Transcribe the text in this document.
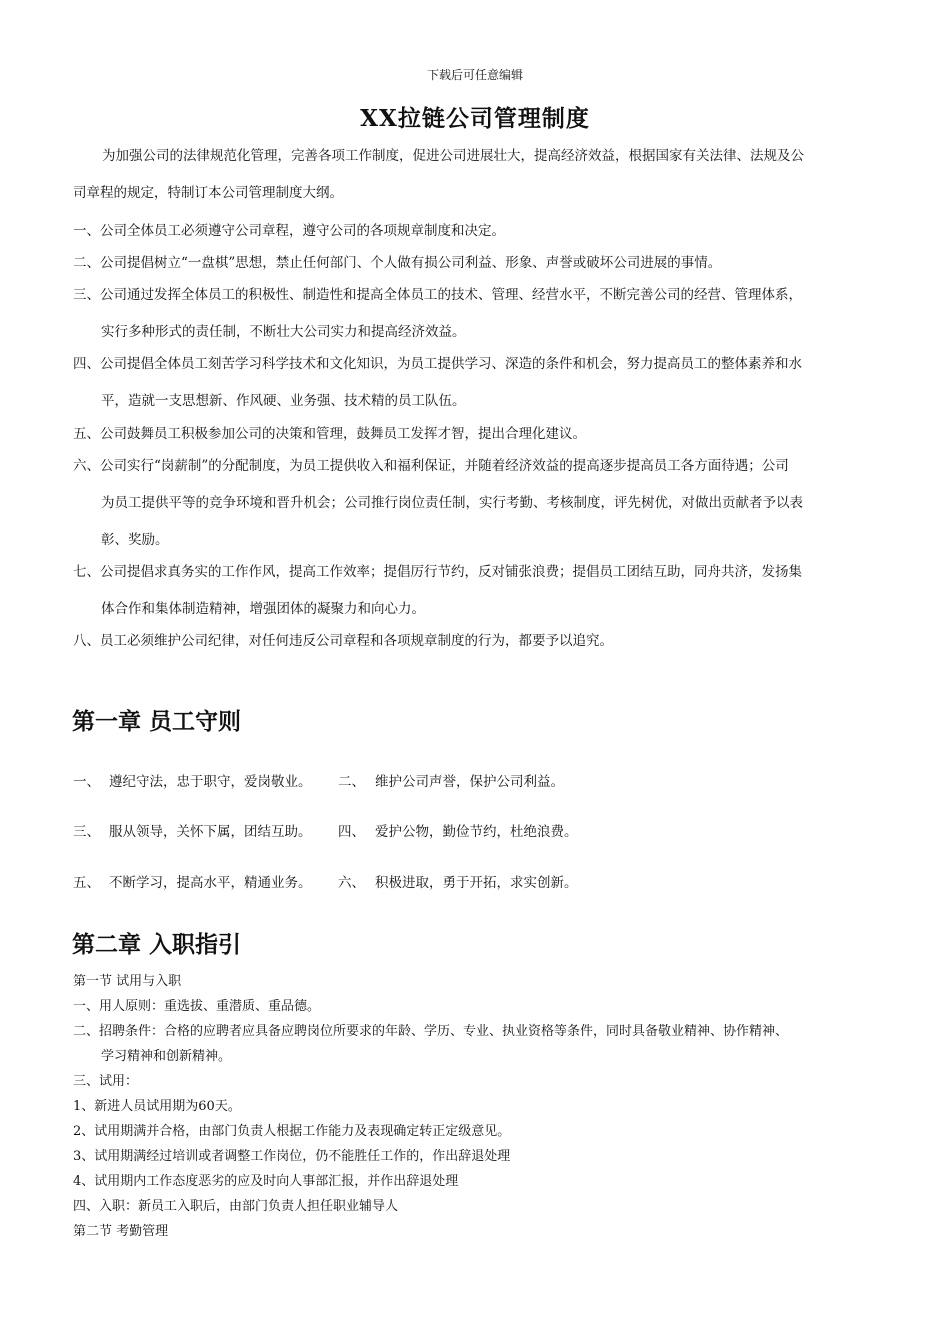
下载后可任意编辑
XX拉链公司管理制度
为加强公司的法律规范化管理，完善各项工作制度，促进公司进展壮大，提高经济效益，根据国家有关法律、法规及公
司章程的规定，特制订本公司管理制度大纲。
一、公司全体员工必须遵守公司章程，遵守公司的各项规章制度和决定。
二、公司提倡树立“一盘棋”思想，禁止任何部门、个人做有损公司利益、形象、声誉或破坏公司进展的事情。
三、公司通过发挥全体员工的积极性、制造性和提高全体员工的技术、管理、经营水平，不断完善公司的经营、管理体系，
实行多种形式的责任制，不断壮大公司实力和提高经济效益。
四、公司提倡全体员工刻苦学习科学技术和文化知识，为员工提供学习、深造的条件和机会，努力提高员工的整体素养和水
平，造就一支思想新、作风硬、业务强、技术精的员工队伍。
五、公司鼓舞员工积极参加公司的决策和管理，鼓舞员工发挥才智，提出合理化建议。
六、公司实行“岗薪制”的分配制度，为员工提供收入和福利保证，并随着经济效益的提高逐步提高员工各方面待遇；公司
为员工提供平等的竞争环境和晋升机会；公司推行岗位责任制，实行考勤、考核制度，评先树优，对做出贡献者予以表
彰、奖励。
七、公司提倡求真务实的工作作风，提高工作效率；提倡厉行节约，反对铺张浪费；提倡员工团结互助，同舟共济，发扬集
体合作和集体制造精神，增强团体的凝聚力和向心力。
八、员工必须维护公司纪律，对任何违反公司章程和各项规章制度的行为，都要予以追究。
第一章 员工守则
一、 遵纪守法，忠于职守，爱岗敬业。 二、 维护公司声誉，保护公司利益。
三、 服从领导，关怀下属，团结互助。 四、 爱护公物，勤俭节约，杜绝浪费。
五、 不断学习，提高水平，精通业务。 六、 积极进取，勇于开拓，求实创新。
第二章 入职指引
第一节 试用与入职
一、用人原则：重选拔、重潜质、重品德。
二、招聘条件：合格的应聘者应具备应聘岗位所要求的年龄、学历、专业、执业资格等条件，同时具备敬业精神、协作精神、
学习精神和创新精神。
三、试用：
1、新进人员试用期为60天。
2、试用期满并合格，由部门负责人根据工作能力及表现确定转正定级意见。
3、试用期满经过培训或者调整工作岗位，仍不能胜任工作的，作出辞退处理
4、试用期内工作态度恶劣的应及时向人事部汇报，并作出辞退处理
四、入职：新员工入职后，由部门负责人担任职业辅导人
第二节 考勤管理
